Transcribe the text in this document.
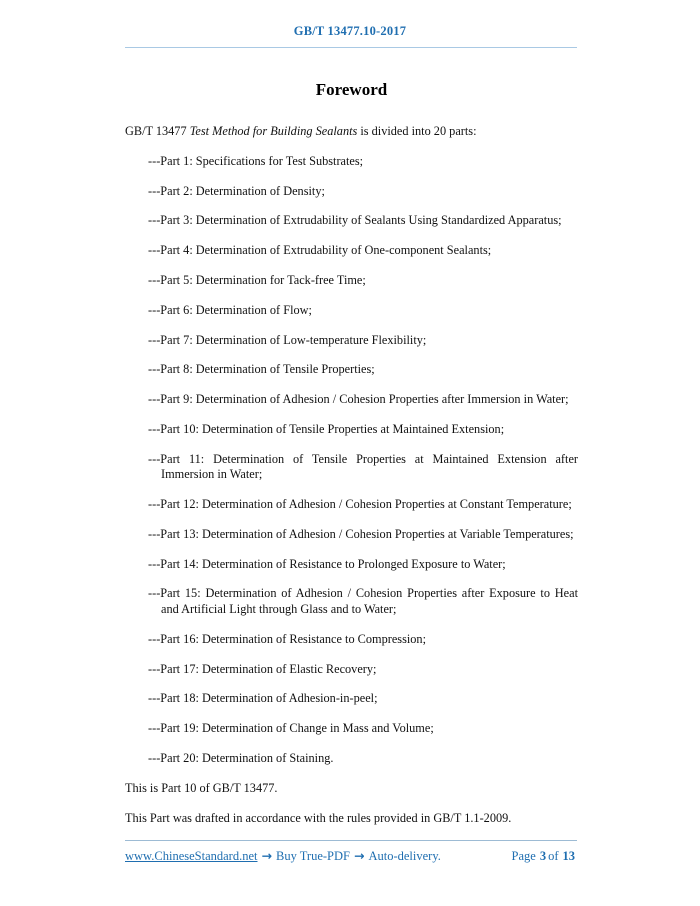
GB/T 13477.10-2017
Foreword

GB/T 13477 Test Method for Building Sealants is divided into 20 parts:

---Part 1: Specifications for Test Substrates;

---Part 2: Determination of Density;

---Part 3: Determination of Extrudability of Sealants Using Standardized Apparatus;

---Part 4: Determination of Extrudability of One-component Sealants;

---Part 5: Determination for Tack-free Time;

---Part 6: Determination of Flow;

---Part 7: Determination of Low-temperature Flexibility;

---Part 8: Determination of Tensile Properties;

---Part 9: Determination of Adhesion / Cohesion Properties after Immersion in Water;

---Part 10: Determination of Tensile Properties at Maintained Extension;

---Part 11: Determination of Tensile Properties at Maintained Extension after Immersion in Water;

---Part 12: Determination of Adhesion / Cohesion Properties at Constant Temperature;

---Part 13: Determination of Adhesion / Cohesion Properties at Variable Temperatures;

---Part 14: Determination of Resistance to Prolonged Exposure to Water;

---Part 15: Determination of Adhesion / Cohesion Properties after Exposure to Heat and Artificial Light through Glass and to Water;

---Part 16: Determination of Resistance to Compression;

---Part 17: Determination of Elastic Recovery;

---Part 18: Determination of Adhesion-in-peel;

---Part 19: Determination of Change in Mass and Volume;

---Part 20: Determination of Staining.

This is Part 10 of GB/T 13477.

This Part was drafted in accordance with the rules provided in GB/T 1.1-2009.

www.ChineseStandard.net → Buy True-PDF → Auto-delivery.	Page 3 of 13
